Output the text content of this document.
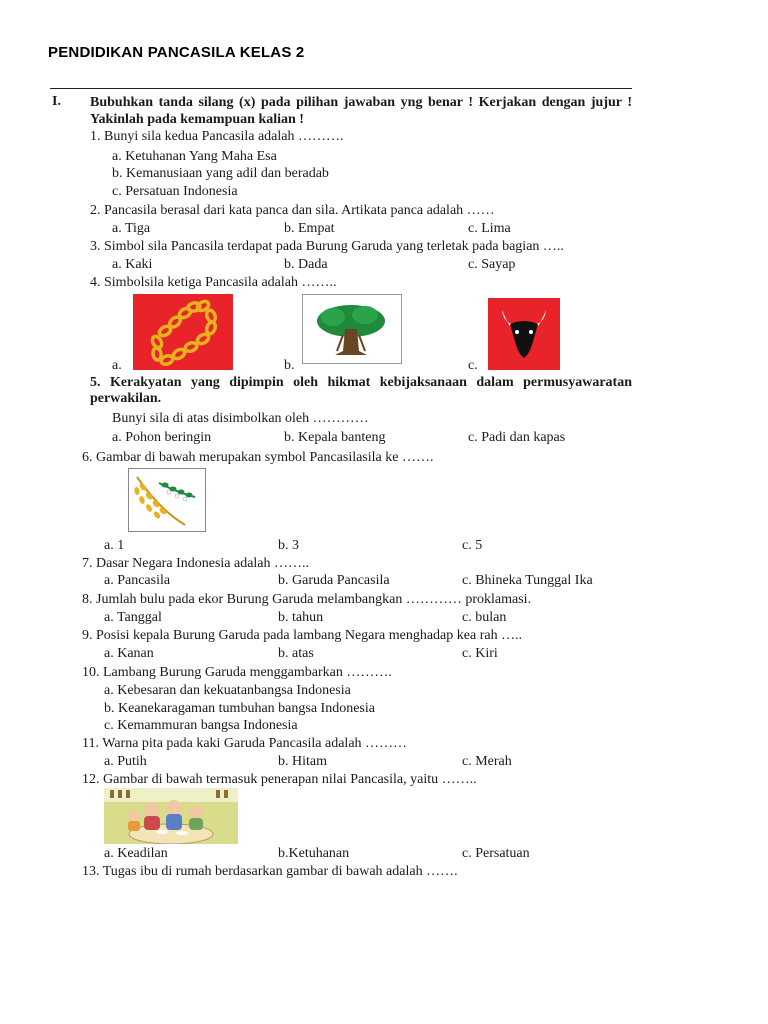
PENDIDIKAN PANCASILA KELAS 2
I. Bubuhkan tanda silang (x) pada pilihan jawaban yng benar ! Kerjakan dengan jujur ! Yakinlah pada kemampuan kalian !
1. Bunyi sila kedua Pancasila adalah ……….
a. Ketuhanan Yang Maha Esa
b. Kemanusiaan yang adil dan beradab
c. Persatuan Indonesia
2. Pancasila berasal dari kata panca dan sila. Artikata panca adalah ……
a. Tiga	b. Empat	c. Lima
3. Simbol sila Pancasila terdapat pada Burung Garuda yang terletak pada bagian …..
a. Kaki	b. Dada	c. Sayap
4. Simbolsila ketiga Pancasila adalah ……..
a.	b.	c.
5. Kerakyatan yang dipimpin oleh hikmat kebijaksanaan dalam permusyawaratan perwakilan.
Bunyi sila di atas disimbolkan oleh …………
a. Pohon beringin	b. Kepala banteng	c. Padi dan kapas
6. Gambar di bawah merupakan symbol Pancasilasila ke …….
a. 1	b. 3	c. 5
7. Dasar Negara Indonesia adalah ……..
a. Pancasila	b. Garuda Pancasila	c. Bhineka Tunggal Ika
8. Jumlah bulu pada ekor Burung Garuda melambangkan ………… proklamasi.
a. Tanggal	b. tahun	c. bulan
9. Posisi kepala Burung Garuda pada lambang Negara menghadap kea rah …..
a. Kanan	b. atas	c. Kiri
10. Lambang Burung Garuda menggambarkan ……….
a. Kebesaran dan kekuatanbangsa Indonesia
b. Keanekaragaman tumbuhan bangsa Indonesia
c. Kemammuran bangsa Indonesia
11. Warna pita pada kaki Garuda Pancasila adalah ………
a. Putih	b. Hitam	c. Merah
12. Gambar di bawah termasuk penerapan nilai Pancasila, yaitu ……..
a. Keadilan	b.Ketuhanan	c. Persatuan
13. Tugas ibu di rumah berdasarkan gambar di bawah adalah …….
